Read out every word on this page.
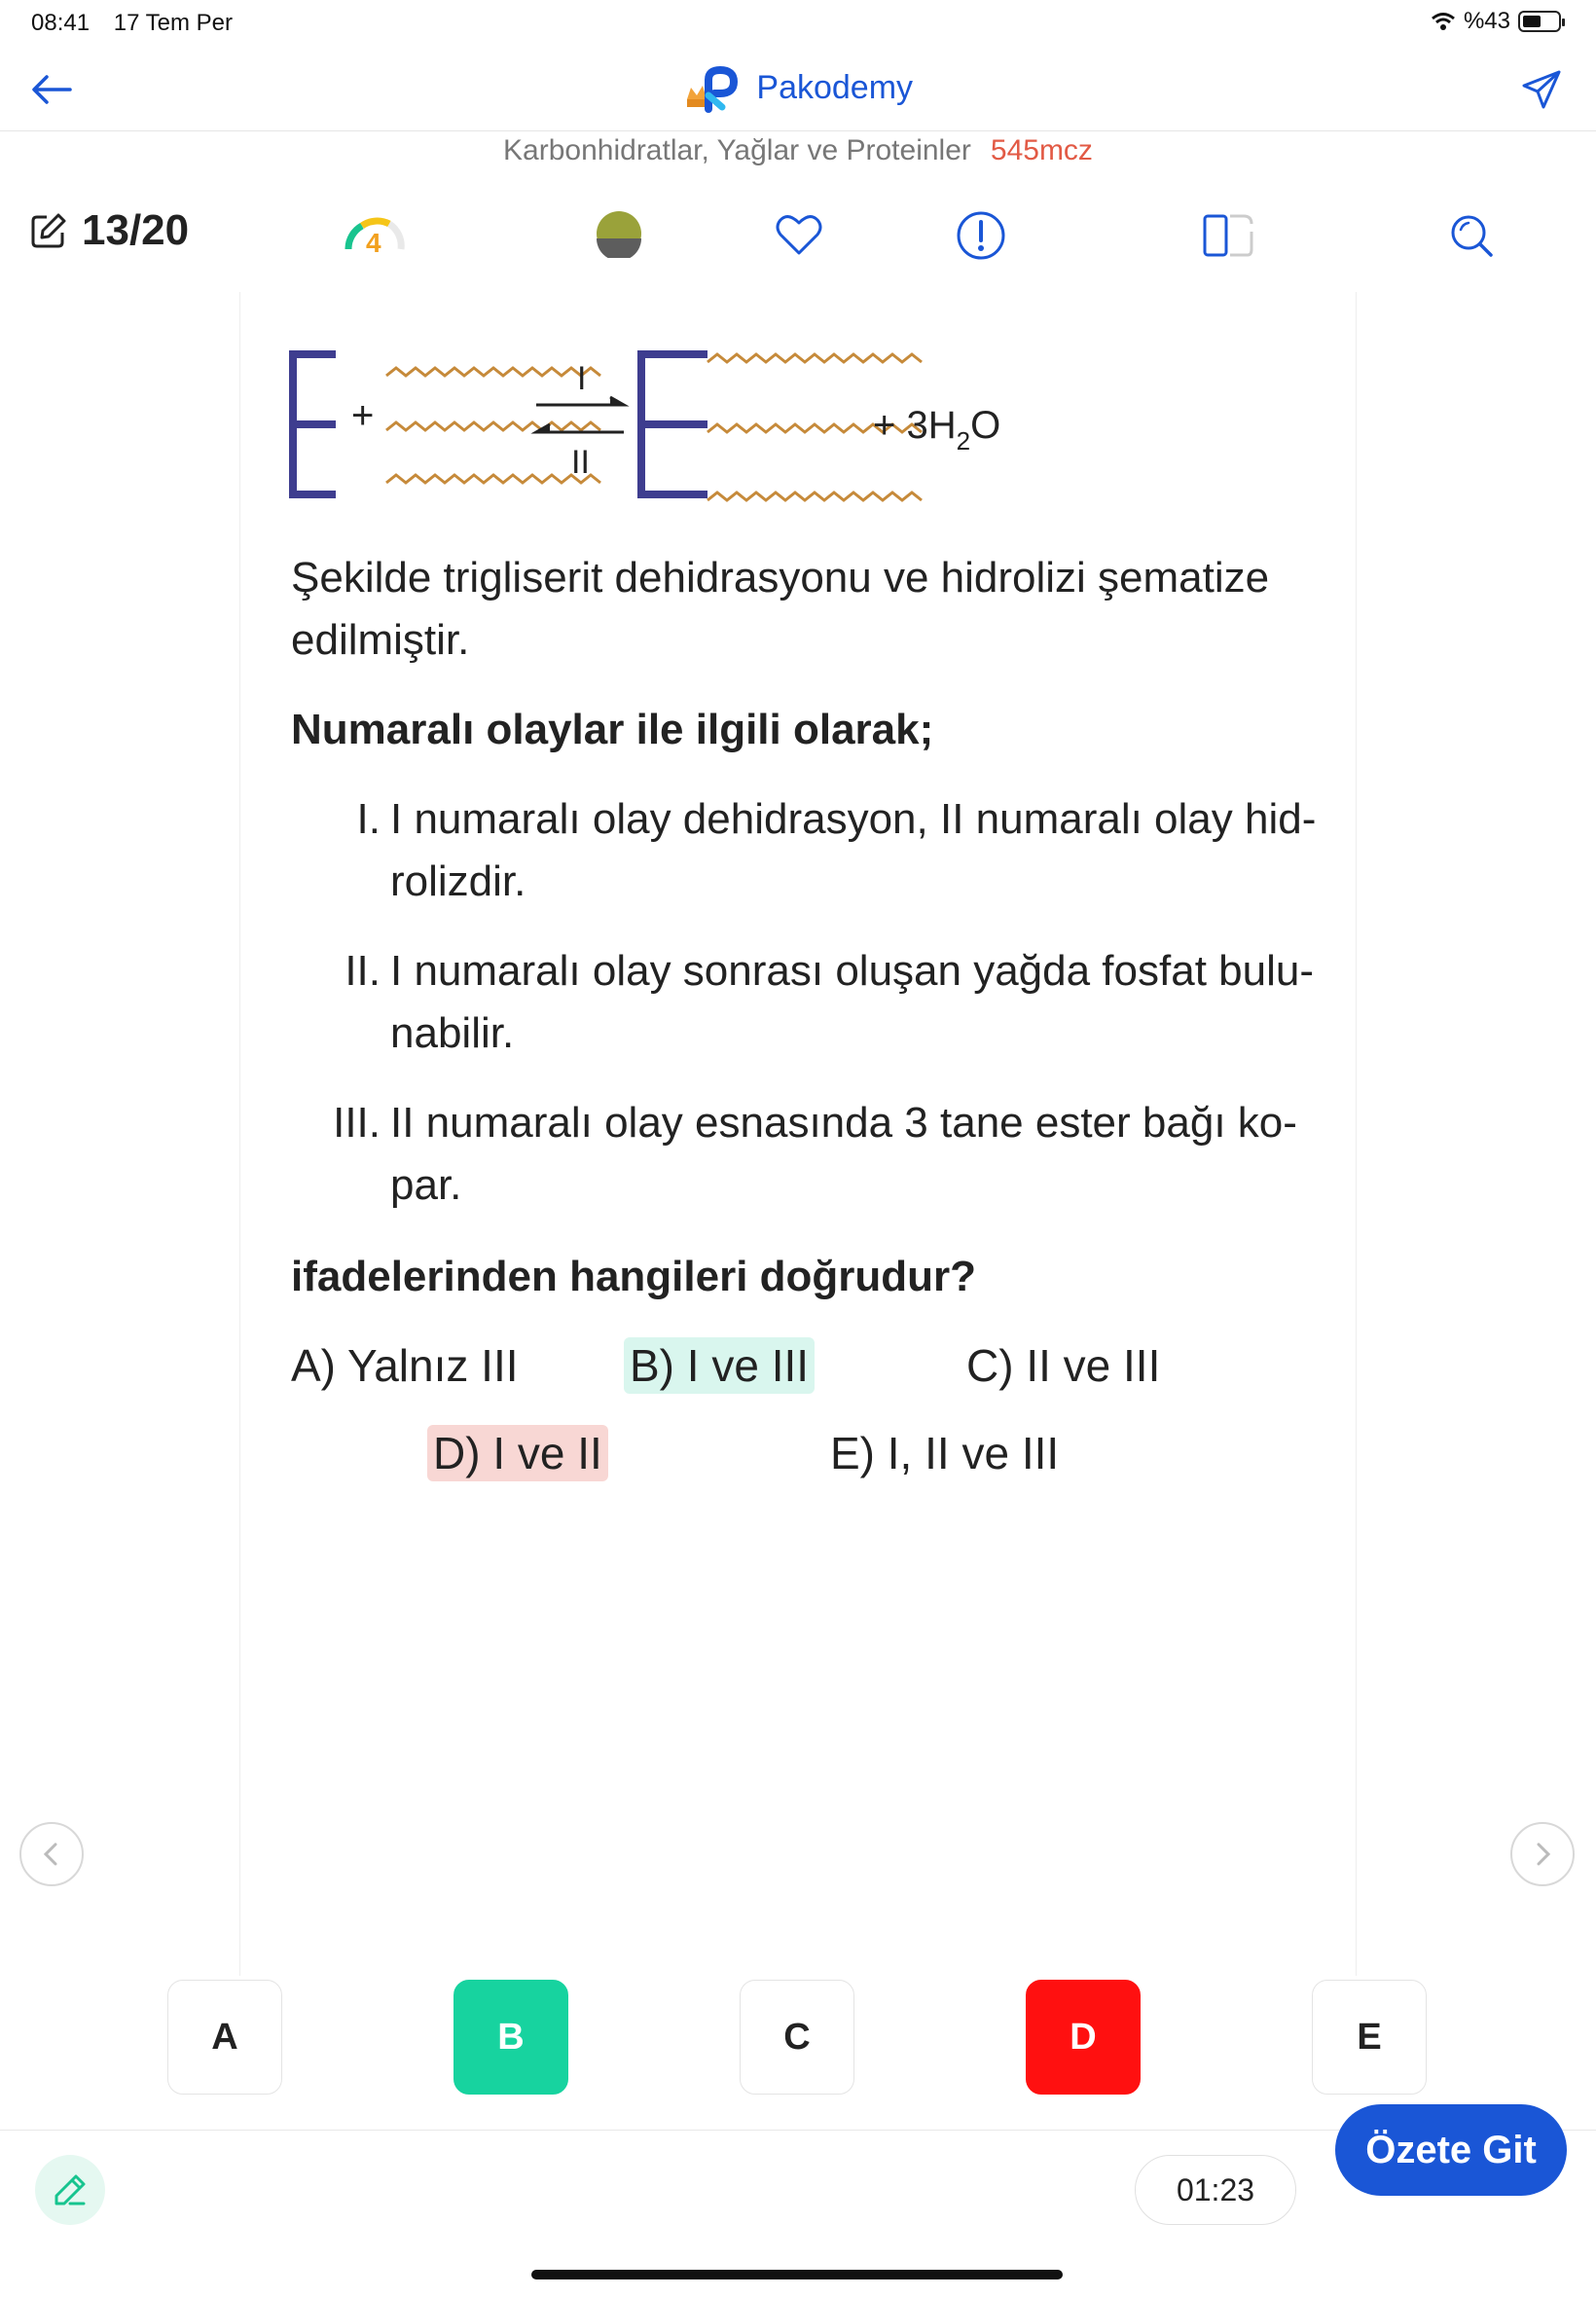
08:41 17 Tem Per	%43
Pakodemy
Karbonhidratlar, Yağlar ve Proteinler 545mcz
13/20	4
+
I
II
+ $3H_2O$
Şekilde trigliserit dehidrasyonu ve hidrolizi şematize edilmiştir.
Numaralı olaylar ile ilgili olarak;
I. I numaralı olay dehidrasyon, II numaralı olay hid-
rolizdir.
II. I numaralı olay sonrası oluşan yağda fosfat bulu-
nabilir.
III. II numaralı olay esnasında 3 tane ester bağı ko-
par.
ifadelerinden hangileri doğrudur?
A) Yalnız III B) I ve III	C) II ve III
D) I ve II	E) I, II ve III
A	B	C	D	E
01:23
Özete Git
